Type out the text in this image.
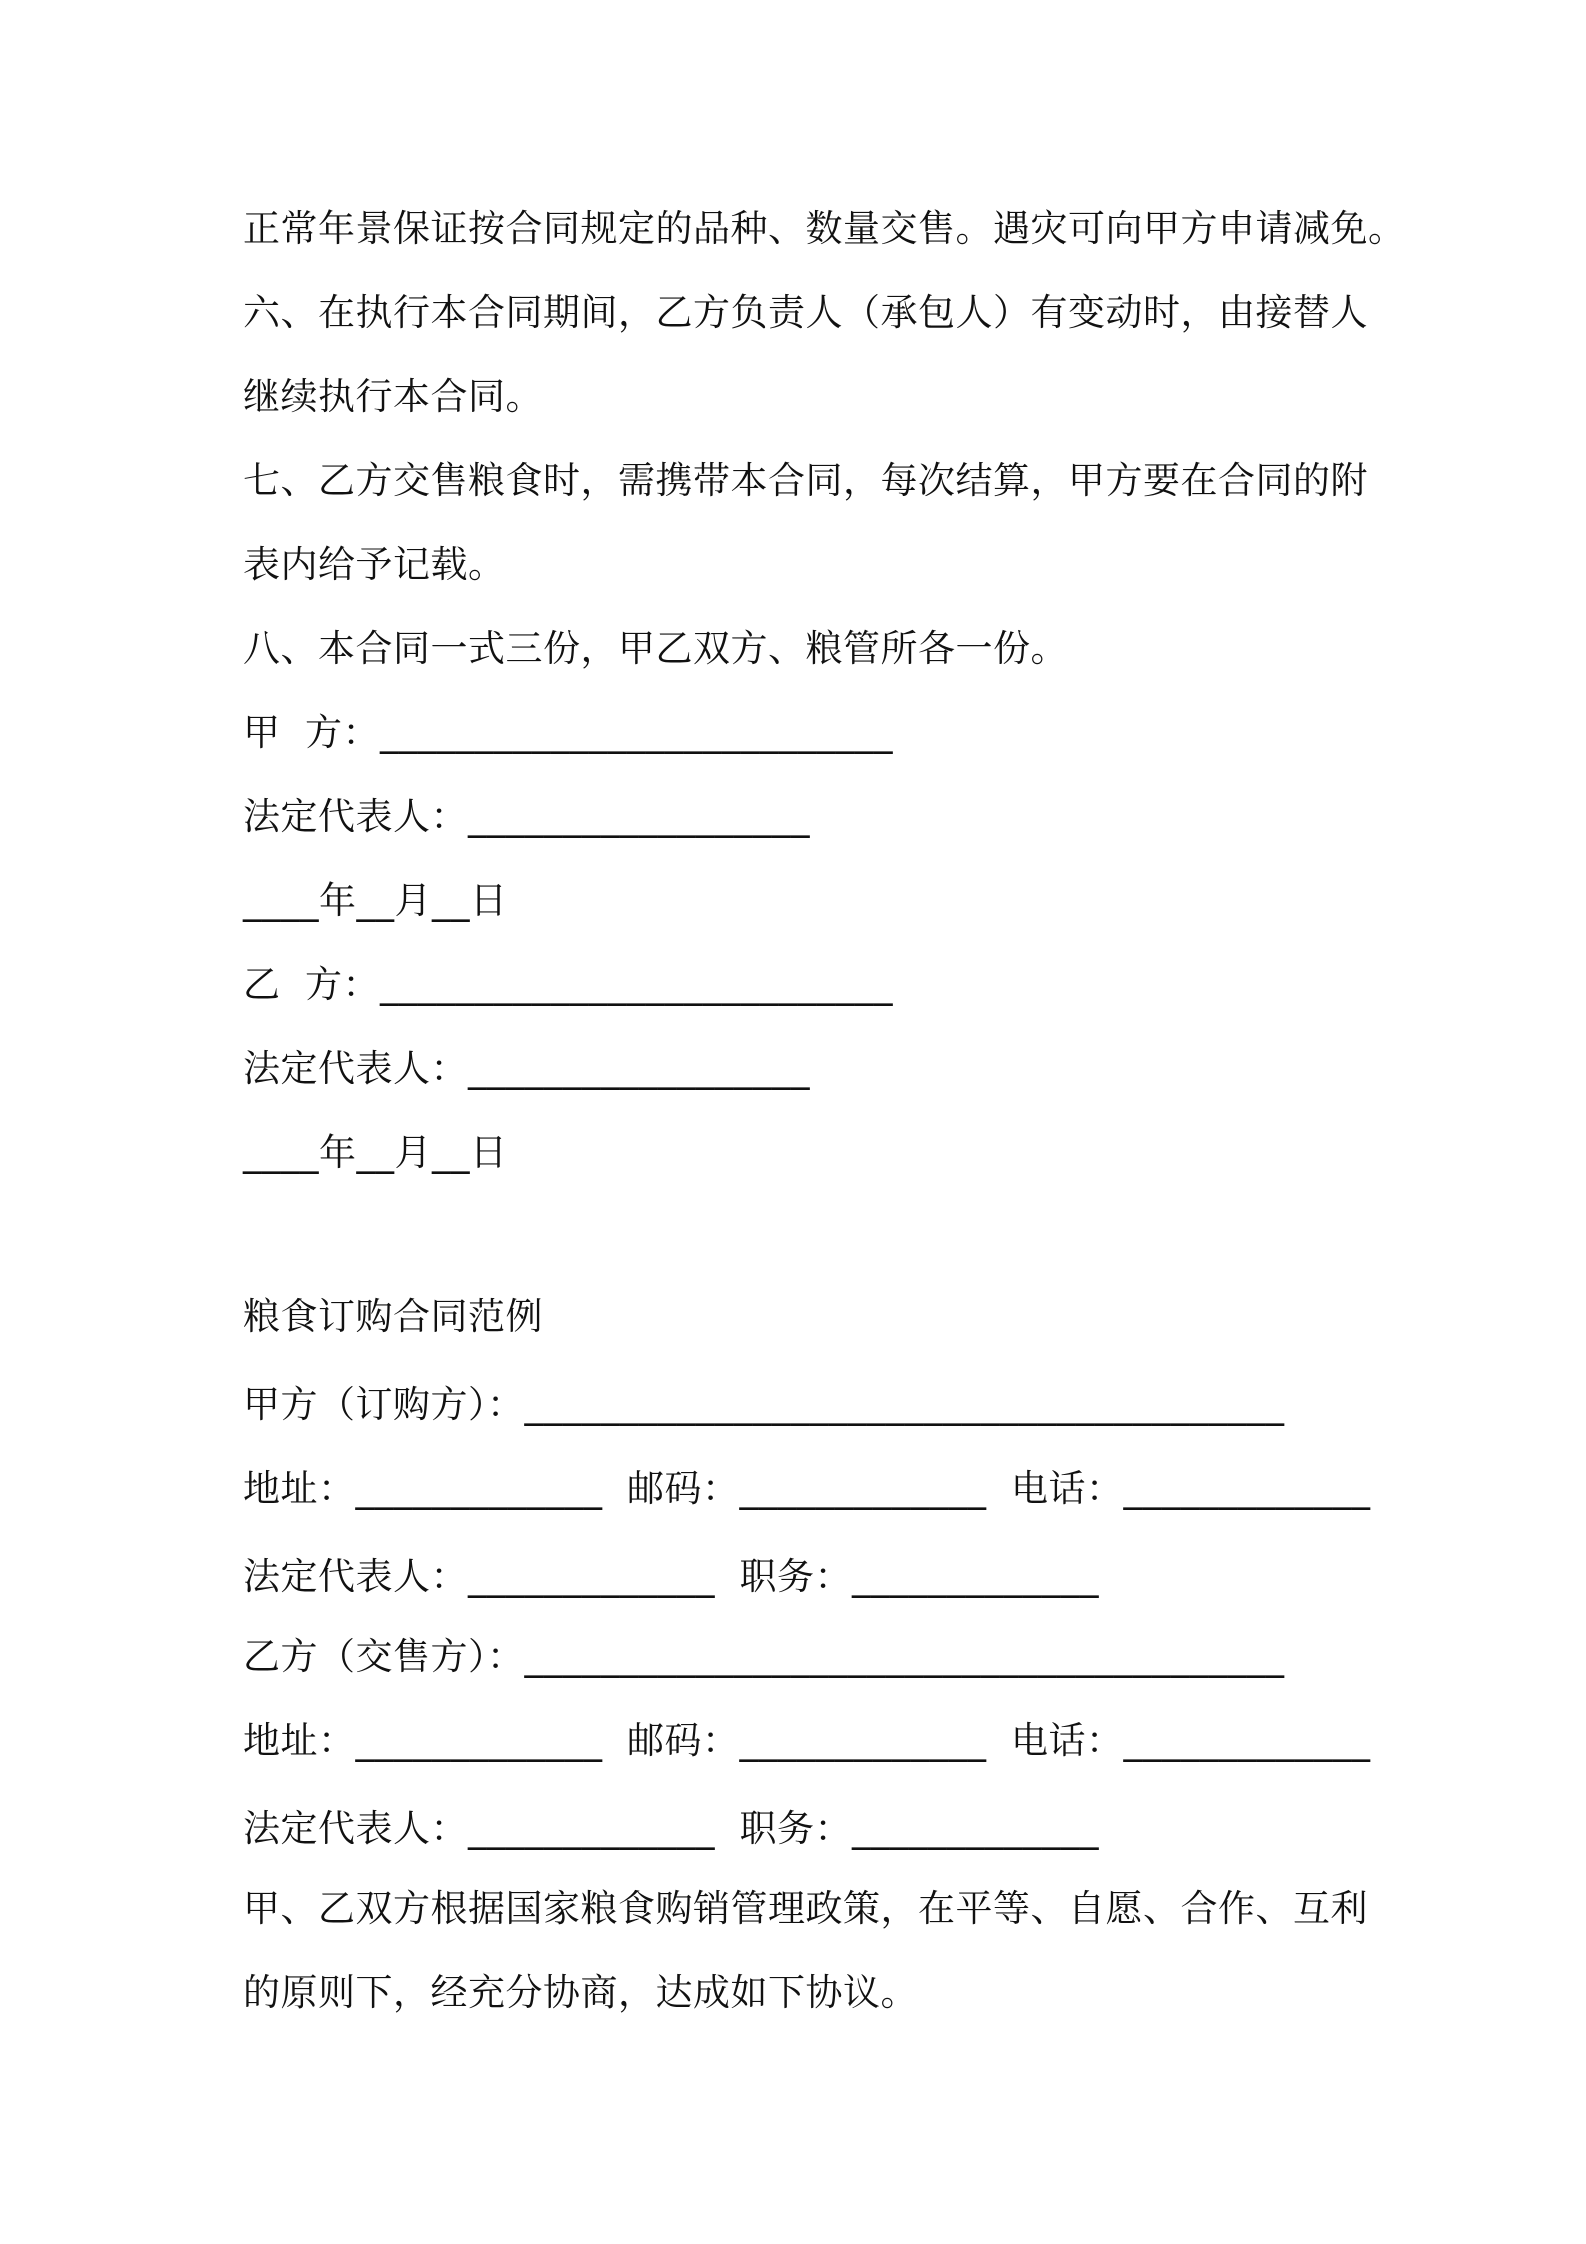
正常年景保证按合同规定的品种、数量交售。遇灾可向甲方申请减免。
六、在执行本合同期间，乙方负责人（承包人）有变动时，由接替人
继续执行本合同。
七、乙方交售粮食时，需携带本合同，每次结算，甲方要在合同的附
表内给予记载。
八、本合同一式三份，甲乙双方、粮管所各一份。
甲  方：___________________________
法定代表人：__________________
____年__月__日
乙  方：___________________________
法定代表人：__________________
____年__月__日
粮食订购合同范例
甲方（订购方）：________________________________________
地址：_____________  邮码：_____________  电话：_____________
法定代表人：_____________  职务：_____________
乙方（交售方）：________________________________________
地址：_____________  邮码：_____________  电话：_____________
法定代表人：_____________  职务：_____________
甲、乙双方根据国家粮食购销管理政策，在平等、自愿、合作、互利
的原则下，经充分协商，达成如下协议。
